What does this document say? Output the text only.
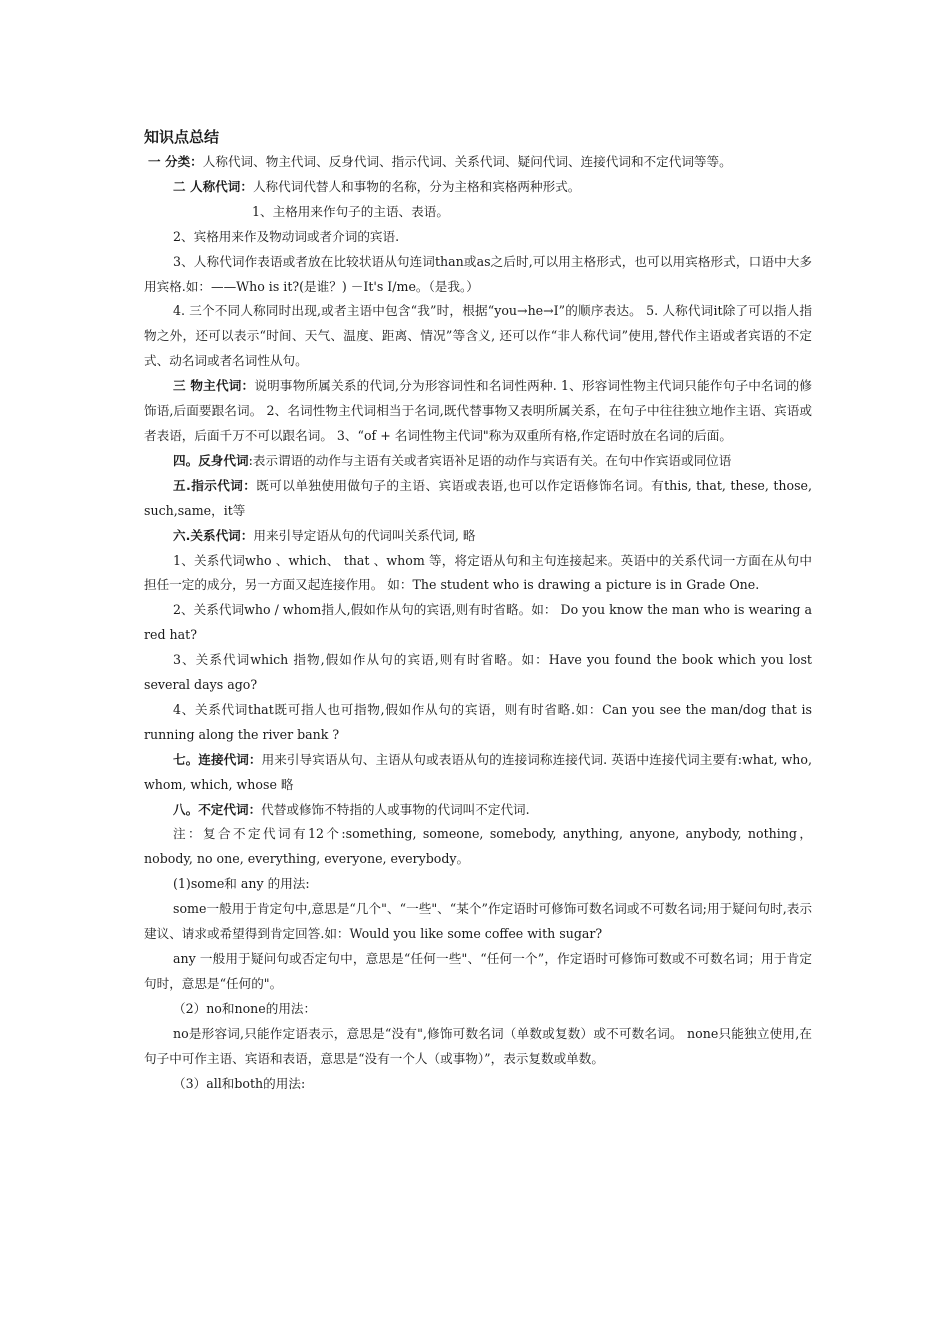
知识点总结

一 分类：人称代词、物主代词、反身代词、指示代词、关系代词、疑问代词、连接代词和不定代词等等。

二 人称代词：人称代词代替人和事物的名称，分为主格和宾格两种形式。

1、主格用来作句子的主语、表语。

2、宾格用来作及物动词或者介词的宾语.

3、人称代词作表语或者放在比较状语从句连词than或as之后时,可以用主格形式，也可以用宾格形式，口语中大多用宾格.如：——Who is it?(是谁？) －It's I/me。（是我。）

4. 三个不同人称同时出现,或者主语中包含“我”时，根据“you→he→I”的顺序表达。 5. 人称代词it除了可以指人指物之外，还可以表示“时间、天气、温度、距离、情况”等含义, 还可以作“非人称代词”使用,替代作主语或者宾语的不定式、动名词或者名词性从句。

三 物主代词：说明事物所属关系的代词,分为形容词性和名词性两种. 1、形容词性物主代词只能作句子中名词的修饰语,后面要跟名词。 2、名词性物主代词相当于名词,既代替事物又表明所属关系，在句子中往往独立地作主语、宾语或者表语，后面千万不可以跟名词。 3、“of + 名词性物主代词"称为双重所有格,作定语时放在名词的后面。

四。反身代词:表示谓语的动作与主语有关或者宾语补足语的动作与宾语有关。在句中作宾语或同位语

五.指示代词：既可以单独使用做句子的主语、宾语或表语,也可以作定语修饰名词。有this, that, these, those, such,same，it等

六.关系代词：用来引导定语从句的代词叫关系代词, 略

1、关系代词who 、which、 that 、whom 等，将定语从句和主句连接起来。英语中的关系代词一方面在从句中担任一定的成分，另一方面又起连接作用。 如：The student who is drawing a picture is in Grade One.

2、关系代词who / whom指人,假如作从句的宾语,则有时省略。如： Do you know the man who is wearing a red hat?

3、关系代词which 指物,假如作从句的宾语,则有时省略。如：Have you found the book which you lost several days ago?

4、关系代词that既可指人也可指物,假如作从句的宾语，则有时省略.如：Can you see the man/dog that is running along the river bank ?

七。连接代词：用来引导宾语从句、主语从句或表语从句的连接词称连接代词. 英语中连接代词主要有:what, who, whom, which, whose 略

八。不定代词：代替或修饰不特指的人或事物的代词叫不定代词.

注：复合不定代词有12个:something, someone, somebody, anything, anyone, anybody, nothing，nobody, no one, everything, everyone, everybody。

(1)some和 any 的用法:

some一般用于肯定句中,意思是“几个"、“一些"、“某个”作定语时可修饰可数名词或不可数名词;用于疑问句时,表示建议、请求或希望得到肯定回答.如：Would you like some coffee with sugar?

any 一般用于疑问句或否定句中，意思是“任何一些"、“任何一个”，作定语时可修饰可数或不可数名词；用于肯定句时，意思是“任何的"。

（2）no和none的用法：

no是形容词,只能作定语表示，意思是“没有",修饰可数名词（单数或复数）或不可数名词。 none只能独立使用,在句子中可作主语、宾语和表语，意思是“没有一个人（或事物）”，表示复数或单数。

（3）all和both的用法:
